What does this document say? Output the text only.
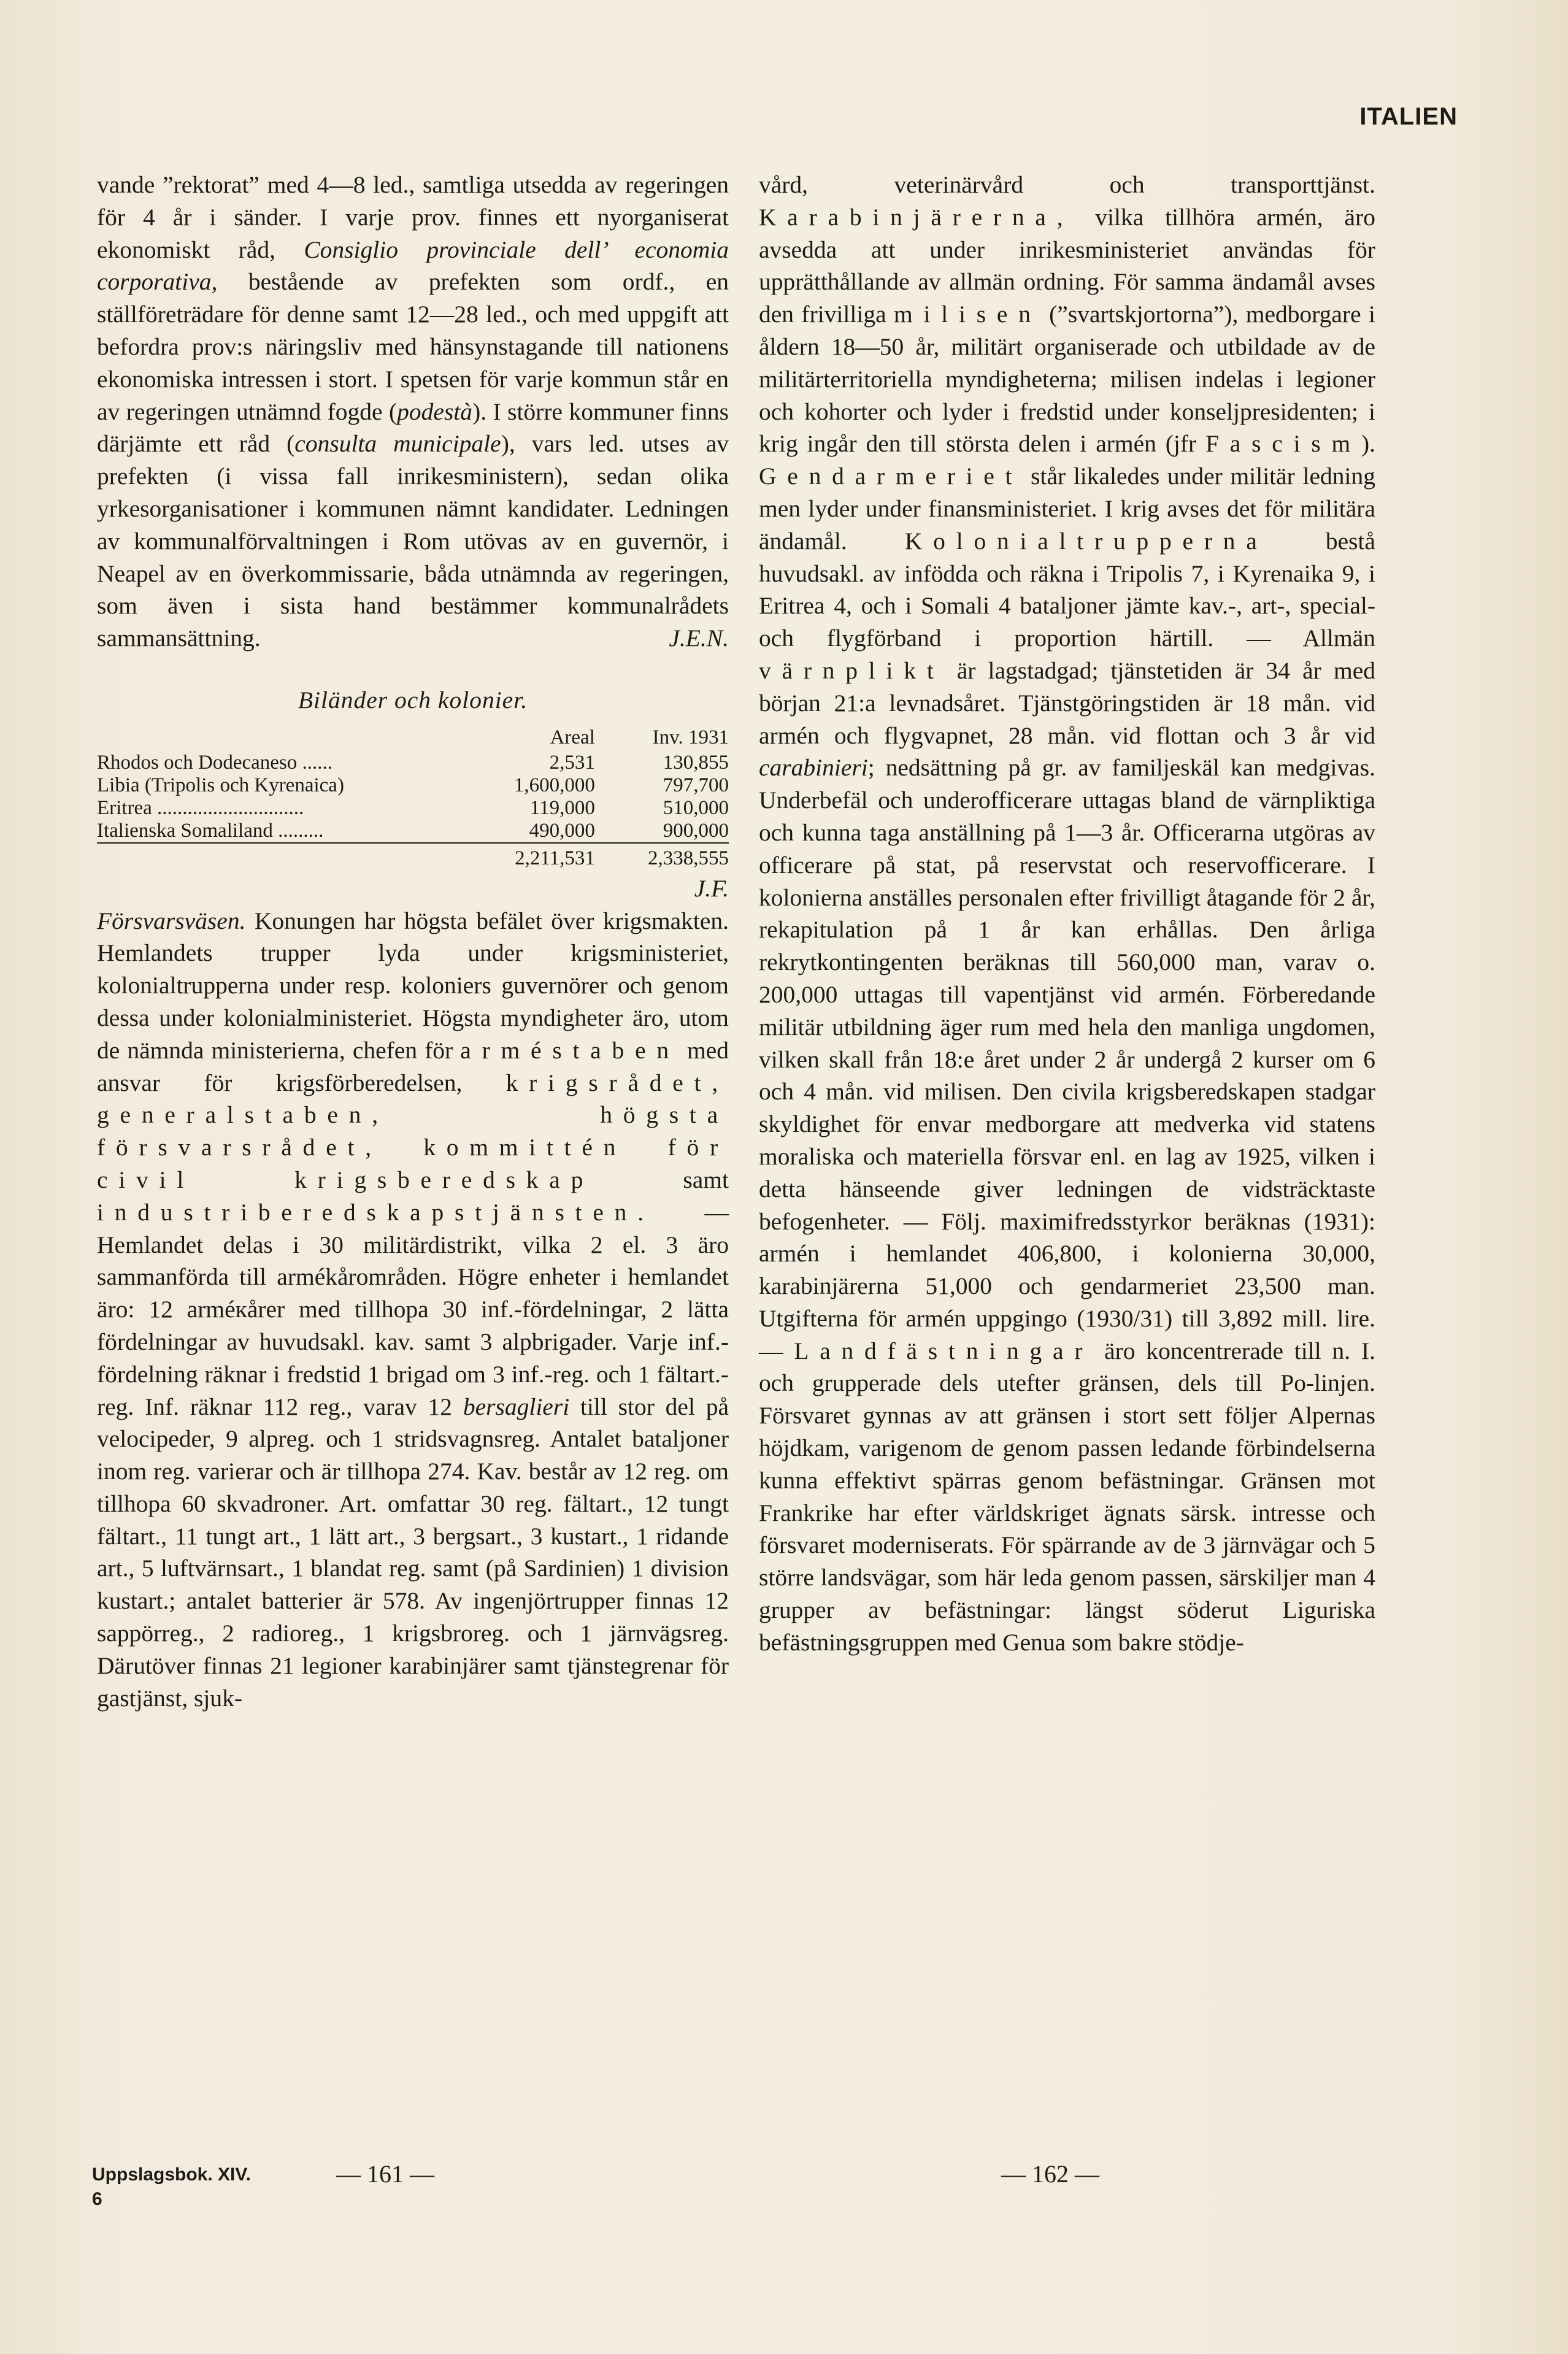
ITALIEN

vande ”rektorat” med 4—8 led., samtliga utsedda av regeringen för 4 år i sänder. I varje prov. finnes ett nyorganiserat ekonomiskt råd, Consiglio provinciale dell’ economia corporativa, bestående av prefekten som ordf., en ställföreträdare för denne samt 12—28 led., och med uppgift att befordra prov:s näringsliv med hänsynstagande till nationens ekonomiska intressen i stort. I spetsen för varje kommun står en av regeringen utnämnd fogde (podestà). I större kommuner finns därjämte ett råd (consulta municipale), vars led. utses av prefekten (i vissa fall inrikesministern), sedan olika yrkesorganisationer i kommunen nämnt kandidater. Ledningen av kommunalförvaltningen i Rom utövas av en guvernör, i Neapel av en överkommissarie, båda utnämnda av regeringen, som även i sista hand bestämmer kommunalrådets sammansättning.	J.E.N.

Biländer och kolonier.
	Areal	Inv. 1931
Rhodos och Dodecaneso ......	2,531	130,855
Libia (Tripolis och Kyrenaica)	1,600,000	797,700
Eritrea .............................	119,000	510,000
Italienska Somaliland .........	490,000	900,000
	2,211,531	2,338,555
J.F.

Försvarsväsen. Konungen har högsta befälet över krigsmakten. Hemlandets trupper lyda under krigsministeriet, kolonialtrupperna under resp. koloniers guvernörer och genom dessa under kolonialministeriet. Högsta myndigheter äro, utom de nämnda ministerierna, chefen för arméstaben med ansvar för krigsförberedelsen, krigsrådet, generalstaben, högsta försvarsrådet, kommittén för civil krigsberedskap samt industriberedskapstjänsten. — Hemlandet delas i 30 militärdistrikt, vilka 2 el. 3 äro sammanförda till armékårområden. Högre enheter i hemlandet äro: 12 arméкårer med tillhopa 30 inf.-fördelningar, 2 lätta fördelningar av huvudsakl. kav. samt 3 alpbrigader. Varje inf.-fördelning räknar i fredstid 1 brigad om 3 inf.-reg. och 1 fältart.-reg. Inf. räknar 112 reg., varav 12 bersaglieri till stor del på velocipeder, 9 alpreg. och 1 stridsvagnsreg. Antalet bataljoner inom reg. varierar och är tillhopa 274. Kav. består av 12 reg. om tillhopa 60 skvadroner. Art. omfattar 30 reg. fältart., 12 tungt fältart., 11 tungt art., 1 lätt art., 3 bergsart., 3 kustart., 1 ridande art., 5 luftvärnsart., 1 blandat reg. samt (på Sardinien) 1 division kustart.; antalet batterier är 578. Av ingenjörtrupper finnas 12 sappörreg., 2 radioreg., 1 krigsbroreg. och 1 järnvägsreg. Därutöver finnas 21 legioner karabinjärer samt tjänstegrenar för gastjänst, sjuk-

vård, veterinärvård och transporttjänst. Karabinjärerna, vilka tillhöra armén, äro avsedda att under inrikesministeriet användas för upprätthållande av allmän ordning. För samma ändamål avses den frivilliga milisen (”svartskjortorna”), medborgare i åldern 18—50 år, militärt organiserade och utbildade av de militärterritoriella myndigheterna; milisen indelas i legioner och kohorter och lyder i fredstid under konseljpresidenten; i krig ingår den till största delen i armén (jfr Fascism). Gendarmeriet står likaledes under militär ledning men lyder under finansministeriet. I krig avses det för militära ändamål. Kolonialtrupperna bestå huvudsakl. av infödda och räkna i Tripolis 7, i Kyrenaika 9, i Eritrea 4, och i Somali 4 bataljoner jämte kav.-, art-, special- och flygförband i proportion härtill. — Allmän värnplikt är lagstadgad; tjänstetiden är 34 år med början 21:a levnadsåret. Tjänstgöringstiden är 18 mån. vid armén och flygvapnet, 28 mån. vid flottan och 3 år vid carabinieri; nedsättning på gr. av familjeskäl kan medgivas. Underbefäl och underofficerare uttagas bland de värnpliktiga och kunna taga anställning på 1—3 år. Officerarna utgöras av officerare på stat, på reservstat och reservofficerare. I kolonierna anställes personalen efter frivilligt åtagande för 2 år, rekapitulation på 1 år kan erhållas. Den årliga rekrytkontingenten beräknas till 560,000 man, varav o. 200,000 uttagas till vapentjänst vid armén. Förberedande militär utbildning äger rum med hela den manliga ungdomen, vilken skall från 18:e året under 2 år undergå 2 kurser om 6 och 4 mån. vid milisen. Den civila krigsberedskapen stadgar skyldighet för envar medborgare att medverka vid statens moraliska och materiella försvar enl. en lag av 1925, vilken i detta hänseende giver ledningen de vidsträcktaste befogenheter. — Följ. maximifredsstyrkor beräknas (1931): armén i hemlandet 406,800, i kolonierna 30,000, karabinjärerna 51,000 och gendarmeriet 23,500 man. Utgifterna för armén uppgingo (1930/31) till 3,892 mill. lire. — Landfästningar äro koncentrerade till n. I. och grupperade dels utefter gränsen, dels till Po-linjen. Försvaret gynnas av att gränsen i stort sett följer Alpernas höjdkam, varigenom de genom passen ledande förbindelserna kunna effektivt spärras genom befästningar. Gränsen mot Frankrike har efter världskriget ägnats särsk. intresse och försvaret moderniserats. För spärrande av de 3 järnvägar och 5 större landsvägar, som här leda genom passen, särskiljer man 4 grupper av befästningar: längst söderut Liguriska befästningsgruppen med Genua som bakre stödje-

Uppslagsbok. XIV.
6
— 161 —	— 162 —
